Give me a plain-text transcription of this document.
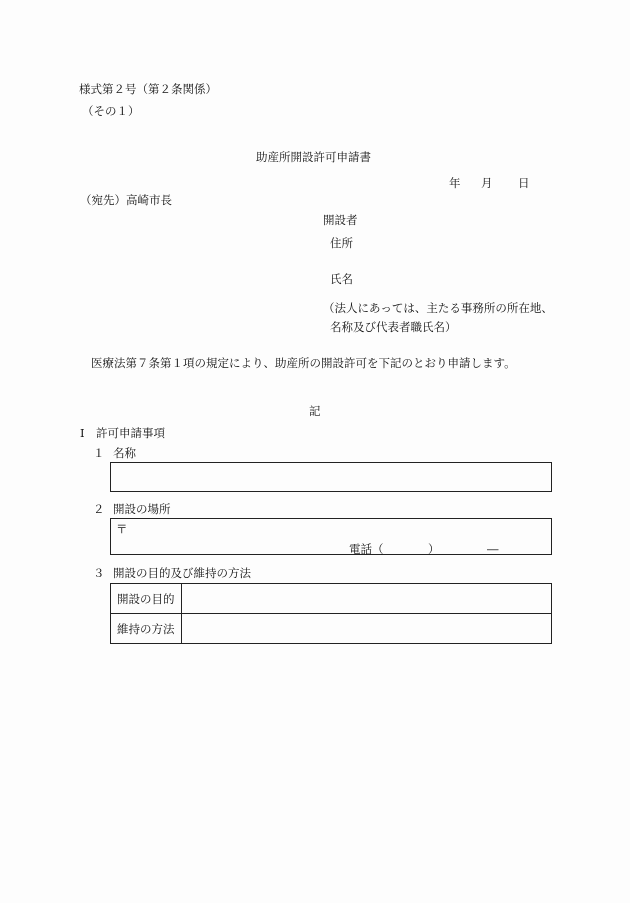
様式第２号（第２条関係）
（その１）
助産所開設許可申請書
年 月 日
（宛先）高崎市長
開設者
住所
氏名
（法人にあっては、主たる事務所の所在地、
名称及び代表者職氏名）
医療法第７条第１項の規定により、助産所の開設許可を下記のとおり申請します。
記
Ⅰ　許可申請事項
１ 名称
２ 開設の場所
〒
電話（	）	―
３ 開設の目的及び維持の方法
開設の目的	
維持の方法	
